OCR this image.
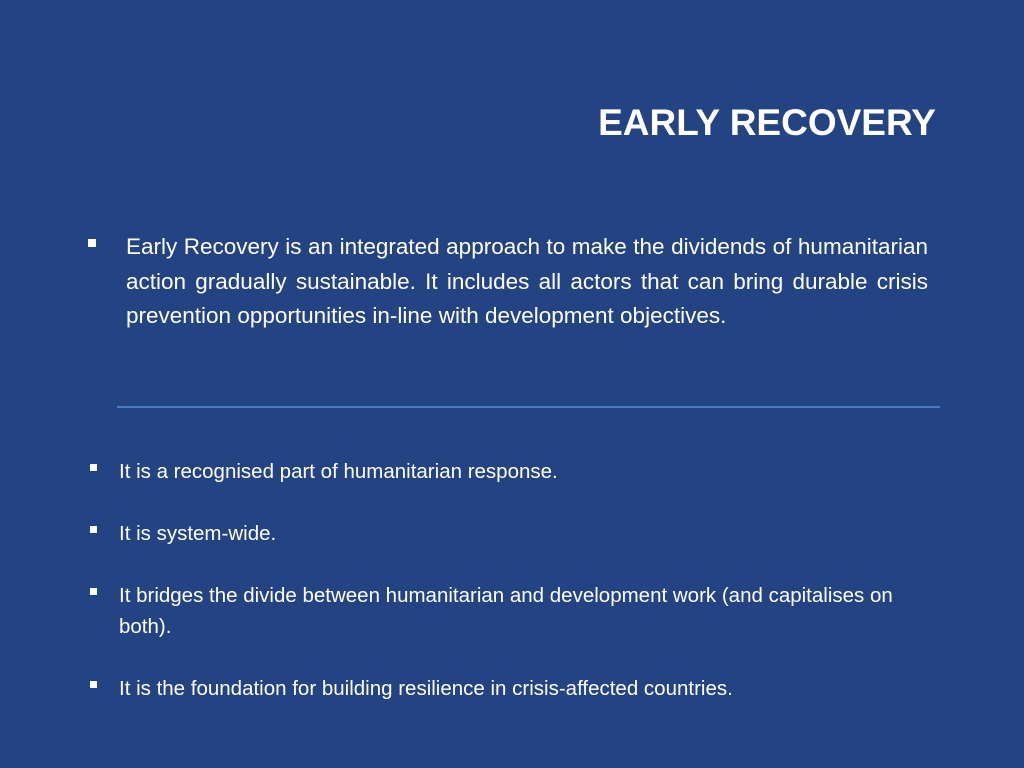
EARLY RECOVERY
Early Recovery is an integrated approach to make the dividends of humanitarian action gradually sustainable. It includes all actors that can bring durable crisis prevention opportunities in-line with development objectives.
It is a recognised part of humanitarian response.
It is system-wide.
It bridges the divide between humanitarian and development work (and capitalises on both).
It is the foundation for building resilience in crisis-affected countries.
